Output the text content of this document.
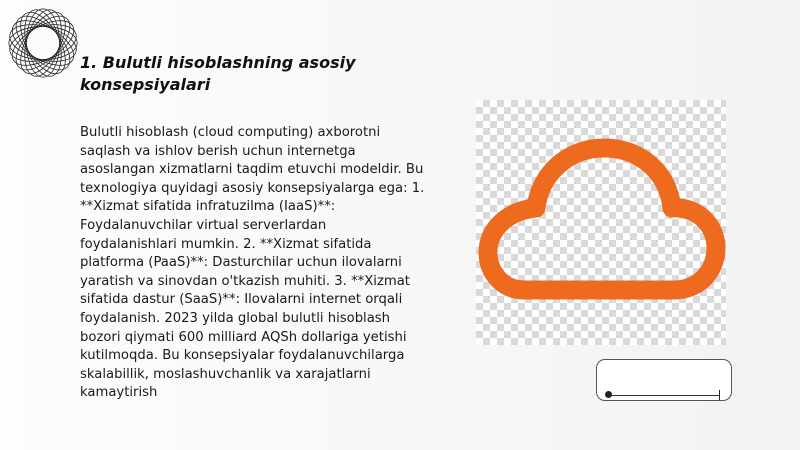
1. Bulutli hisoblashning asosiy konsepsiyalari

Bulutli hisoblash (cloud computing) axborotni saqlash va ishlov berish uchun internetga asoslangan xizmatlarni taqdim etuvchi modeldir. Bu texnologiya quyidagi asosiy konsepsiyalarga ega: 1. **Xizmat sifatida infratuzilma (IaaS)**: Foydalanuvchilar virtual serverlardan foydalanishlari mumkin. 2. **Xizmat sifatida platforma (PaaS)**: Dasturchilar uchun ilovalarni yaratish va sinovdan o'tkazish muhiti. 3. **Xizmat sifatida dastur (SaaS)**: Ilovalarni internet orqali foydalanish. 2023 yilda global bulutli hisoblash bozori qiymati 600 milliard AQSh dollariga yetishi kutilmoqda. Bu konsepsiyalar foydalanuvchilarga skalabillik, moslashuvchanlik va xarajatlarni kamaytirish
